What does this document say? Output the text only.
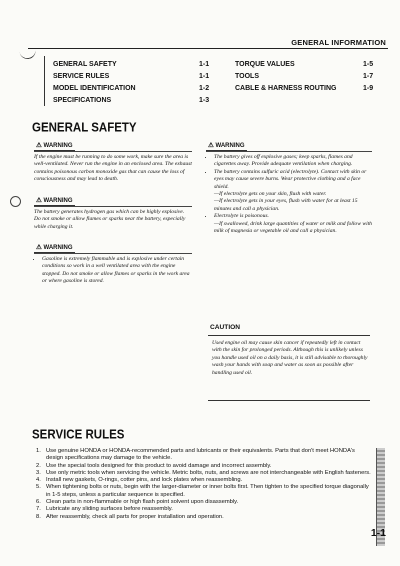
GENERAL INFORMATION
GENERAL SAFETY	1-1	TORQUE VALUES	1-5
SERVICE RULES	1-1	TOOLS	1-7
MODEL IDENTIFICATION	1-2	CABLE & HARNESS ROUTING	1-9
SPECIFICATIONS	1-3
GENERAL SAFETY
⚠ WARNING
If the engine must be running to do some work, make sure the area is well-ventilated. Never run the engine in an enclosed area. The exhaust contains poisonous carbon monoxide gas that can cause the loss of consciousness and may lead to death.
⚠ WARNING
The battery generates hydrogen gas which can be highly explosive. Do not smoke or allow flames or sparks near the battery, especially while charging it.
⚠ WARNING
• Gasoline is extremely flammable and is explosive under certain conditions so work in a well ventilated area with the engine stopped. Do not smoke or allow flames or sparks in the work area or where gasoline is stored.
⚠ WARNING
• The battery gives off explosive gases; keep sparks, flames and cigarettes away. Provide adequate ventilation when charging.
• The battery contains sulfuric acid (electrolyte). Contact with skin or eyes may cause severe burns. Wear protective clothing and a face shield.
—If electrolyte gets on your skin, flush with water.
—If electrolyte gets in your eyes, flush with water for at least 15 minutes and call a physician.
• Electrolyte is poisonous.
—If swallowed, drink large quantities of water or milk and follow with milk of magnesia or vegetable oil and call a physician.
CAUTION
Used engine oil may cause skin cancer if repeatedly left in contact with the skin for prolonged periods. Although this is unlikely unless you handle used oil on a daily basis, it is still advisable to thoroughly wash your hands with soap and water as soon as possible after handling used oil.
SERVICE RULES
1. Use genuine HONDA or HONDA-recommended parts and lubricants or their equivalents. Parts that don't meet HONDA's design specifications may damage to the vehicle.
2. Use the special tools designed for this product to avoid damage and incorrect assembly.
3. Use only metric tools when servicing the vehicle. Metric bolts, nuts, and screws are not interchangeable with English fasteners.
4. Install new gaskets, O-rings, cotter pins, and lock plates when reassembling.
5. When tightening bolts or nuts, begin with the larger-diameter or inner bolts first. Then tighten to the specified torque diagonally in 1-5 steps, unless a particular sequence is specified.
6. Clean parts in non-flammable or high flash point solvent upon disassembly.
7. Lubricate any sliding surfaces before reassembly.
8. After reassembly, check all parts for proper installation and operation.
1-1
